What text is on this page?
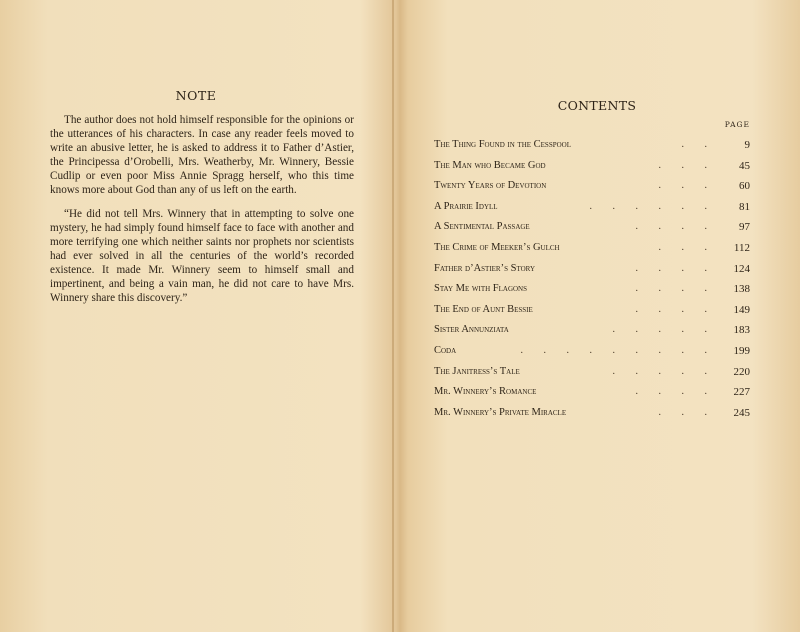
NOTE

The author does not hold himself responsible for the opinions or the utterances of his characters. In case any reader feels moved to write an abusive letter, he is asked to address it to Father d’Astier, the Principessa d’Orobelli, Mrs. Weatherby, Mr. Winnery, Bessie Cudlip or even poor Miss Annie Spragg herself, who this time knows more about God than any of us left on the earth.

“He did not tell Mrs. Winnery that in attempting to solve one mystery, he had simply found himself face to face with another and more terrifying one which neither saints nor prophets nor scientists had ever solved in all the centuries of the world’s recorded existence. It made Mr. Winnery seem to himself small and impertinent, and being a vain man, he did not care to have Mrs. Winnery share this discovery.”

CONTENTS
PAGE
The Thing Found in the Cesspool	. .	9
The Man who Became God	. . . 45
Twenty Years of Devotion	. . . 60
A Prairie Idyll	. . . . . . 81
A Sentimental Passage	. . . . 97
The Crime of Meeker’s Gulch	. . . 112
Father d’Astier’s Story	. . . . 124
Stay Me with Flagons	. . . . 138
The End of Aunt Bessie	. . . . 149
Sister Annunziata	. . . . . 183
Coda	. . . . . . . . . 199
The Janitress’s Tale	. . . . . 220
Mr. Winnery’s Romance	. . . . 227
Mr. Winnery’s Private Miracle	. . . 245
